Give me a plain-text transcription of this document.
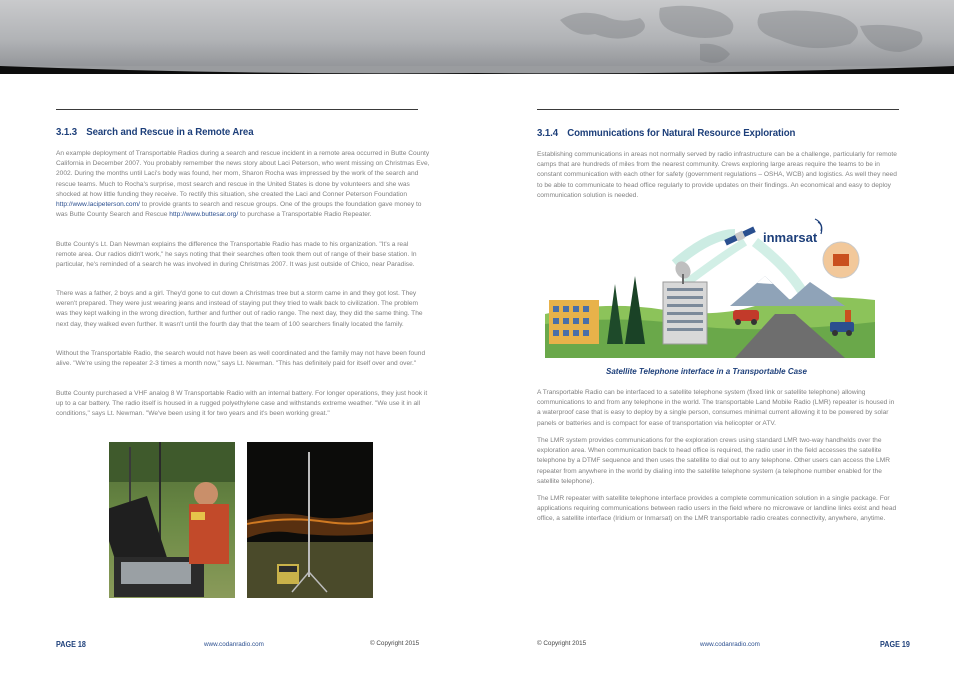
3.1.3 Search and Rescue in a Remote Area

An example deployment of Transportable Radios during a search and rescue incident in a remote area occurred in Butte County California in December 2007. You probably remember the news story about Laci Peterson, who went missing on Christmas Eve, 2002. During the months until Laci's body was found, her mom, Sharon Rocha was impressed by the work of the search and rescue teams. Much to Rocha's surprise, most search and rescue in the United States is done by volunteers and she was shocked at how little funding they receive. To rectify this situation, she created the Laci and Conner Peterson Foundation http://www.lacipeterson.com/ to provide grants to search and rescue groups. One of the groups the foundation gave money to was Butte County Search and Rescue http://www.buttesar.org/ to purchase a Transportable Radio Repeater.

Butte County's Lt. Dan Newman explains the difference the Transportable Radio has made to his organization. "It's a real remote area. Our radios didn't work," he says noting that their searches often took them out of range of their base station. In particular, he's reminded of a search he was involved in during Christmas 2007. It was just outside of Chico, near Paradise.

There was a father, 2 boys and a girl. They'd gone to cut down a Christmas tree but a storm came in and they got lost. They weren't prepared. They were just wearing jeans and instead of staying put they tried to walk back to civilization. The problem was they kept walking in the wrong direction, further and further out of radio range. The next day, they did the same thing. The next day, they walked even further. It wasn't until the fourth day that the team of 100 searchers finally located the family.

Without the Transportable Radio, the search would not have been as well coordinated and the family may not have been found alive. "We're using the repeater 2-3 times a month now," says Lt. Newman. "This has definitely paid for itself over and over."

Butte County purchased a VHF analog 8 W Transportable Radio with an internal battery. For longer operations, they just hook it up to a car battery. The radio itself is housed in a rugged polyethylene case and withstands extreme weather. "We use it in all conditions," says Lt. Newman. "We've been using it for two years and it's been working great."

3.1.4 Communications for Natural Resource Exploration

Establishing communications in areas not normally served by radio infrastructure can be a challenge, particularly for remote camps that are hundreds of miles from the nearest community. Crews exploring large areas require the teams to be in constant communication with each other for safety (government regulations – OSHA, WCB) and logistics. As well they need to be able to communicate to head office regularly to provide updates on their findings. An economical and easy to deploy communication solution is needed.

inmarsat
Satellite Telephone interface in a Transportable Case

A Transportable Radio can be interfaced to a satellite telephone system (fixed link or satellite telephone) allowing communications to and from any telephone in the world. The transportable Land Mobile Radio (LMR) repeater is housed in a waterproof case that is easy to deploy by a single person, consumes minimal current allowing it to be powered by solar panels or batteries and is compact for ease of transportation via helicopter or ATV.

The LMR system provides communications for the exploration crews using standard LMR two-way handhelds over the exploration area. When communication back to head office is required, the radio user in the field accesses the satellite telephone by a DTMF sequence and then uses the satellite to dial out to any telephone. Other users can access the LMR repeater from anywhere in the world by dialing into the satellite telephone system (a telephone number enabled for the satellite telephone).

The LMR repeater with satellite telephone interface provides a complete communication solution in a single package. For applications requiring communications between radio users in the field where no microwave or landline links exist and head office, a satellite interface (Iridium or Inmarsat) on the LMR transportable radio creates connectivity, anywhere, anytime.

PAGE 18	www.codanradio.com	© Copyright 2015	© Copyright 2015	www.codanradio.com	PAGE 19
